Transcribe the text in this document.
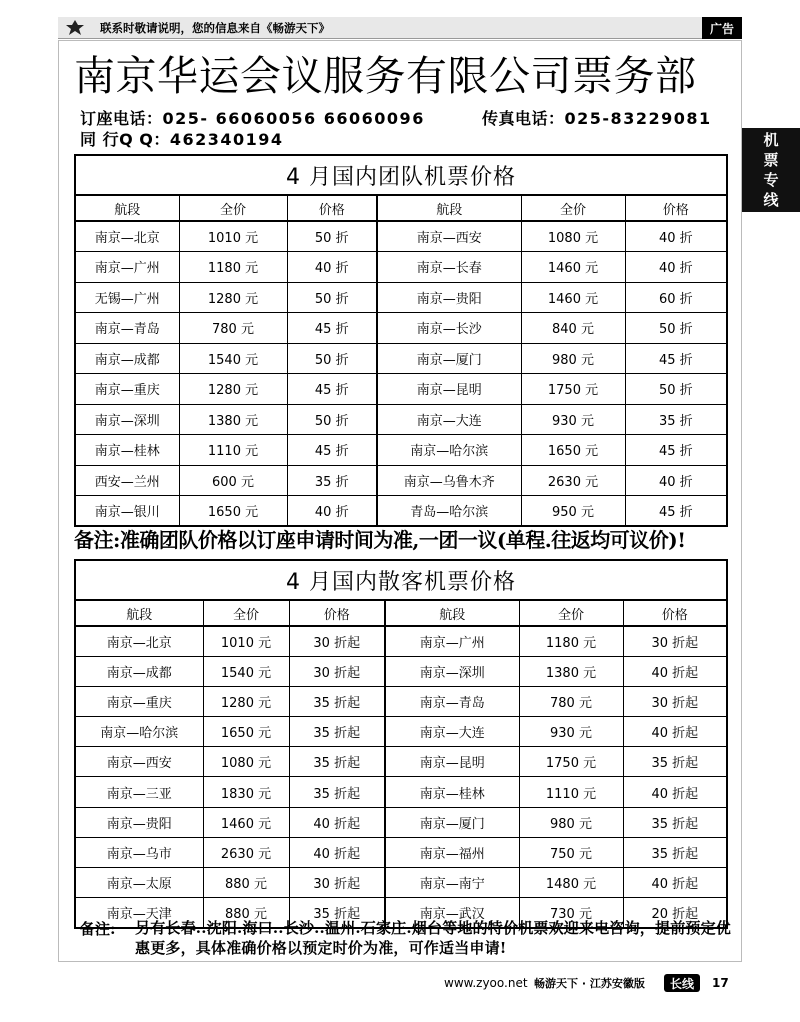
联系时敬请说明，您的信息来自《畅游天下》	广告
机
票
专
线
南京华运会议服务有限公司票务部
订座电话：025- 66060056 66060096	传真电话：025-83229081
同 行Q Q：462340194
4 月国内团队机票价格					
航段	全价	价格	航段	全价	价格
南京—北京	1010 元	50 折	南京—西安	1080 元	40 折
南京—广州	1180 元	40 折	南京—长春	1460 元	40 折
无锡—广州	1280 元	50 折	南京—贵阳	1460 元	60 折
南京—青岛	780 元	45 折	南京—长沙	840 元	50 折
南京—成都	1540 元	50 折	南京—厦门	980 元	45 折
南京—重庆	1280 元	45 折	南京—昆明	1750 元	50 折
南京—深圳	1380 元	50 折	南京—大连	930 元	35 折
南京—桂林	1110 元	45 折	南京—哈尔滨	1650 元	45 折
西安—兰州	600 元	35 折	南京—乌鲁木齐	2630 元	40 折
南京—银川	1650 元	40 折	青岛—哈尔滨	950 元	45 折
备注:准确团队价格以订座申请时间为准,一团一议(单程.往返均可议价)!
4 月国内散客机票价格					
航段	全价	价格	航段	全价	价格
南京—北京	1010 元	30 折起	南京—广州	1180 元	30 折起
南京—成都	1540 元	30 折起	南京—深圳	1380 元	40 折起
南京—重庆	1280 元	35 折起	南京—青岛	780 元	30 折起
南京—哈尔滨	1650 元	35 折起	南京—大连	930 元	40 折起
南京—西安	1080 元	35 折起	南京—昆明	1750 元	35 折起
南京—三亚	1830 元	35 折起	南京—桂林	1110 元	40 折起
南京—贵阳	1460 元	40 折起	南京—厦门	980 元	35 折起
南京—乌市	2630 元	40 折起	南京—福州	750 元	35 折起
南京—太原	880 元	30 折起	南京—南宁	1480 元	40 折起
南京—天津	880 元	35 折起	南京—武汉	730 元	20 折起
备注: 另有长春..沈阳.海口..长沙..温州.石家庄.烟台等地的特价机票欢迎来电咨询，提前预定优惠更多，具体准确价格以预定时价为准，可作适当申请!
www.zyoo.net 畅游天下 · 江苏安徽版	长线	17
